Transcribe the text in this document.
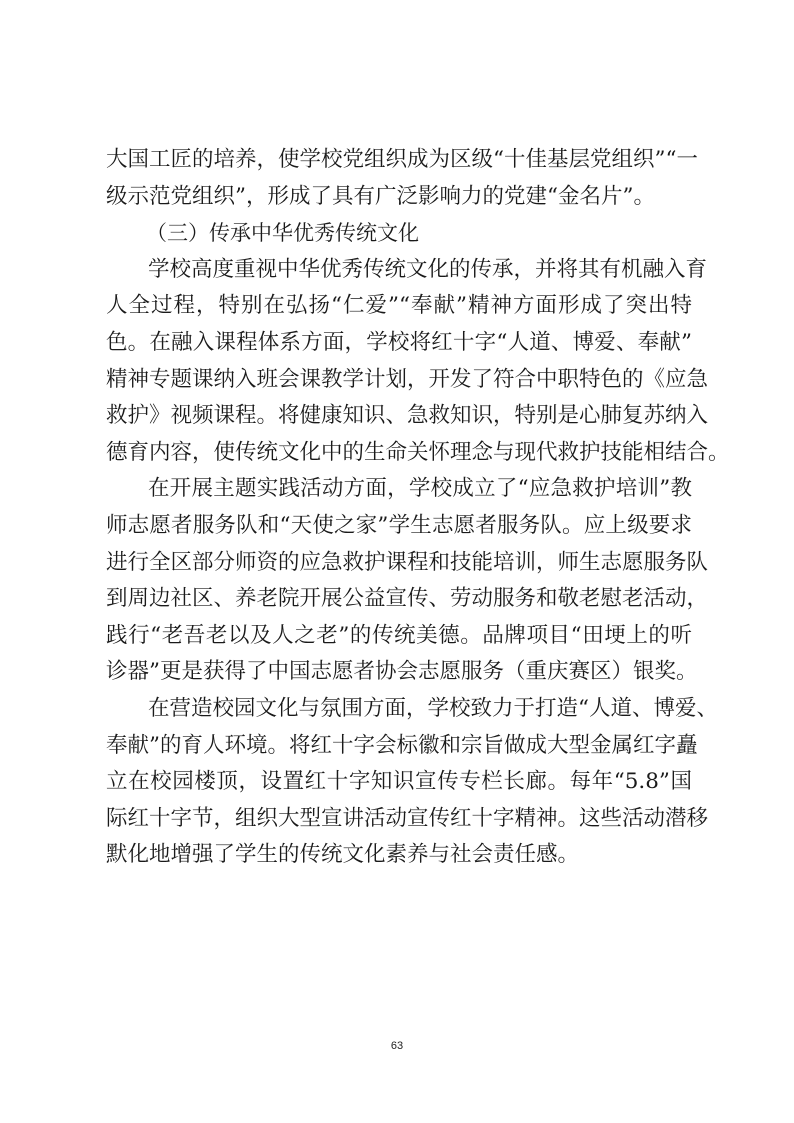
大国工匠的培养，使学校党组织成为区级“十佳基层党组织”“一
级示范党组织”，形成了具有广泛影响力的党建“金名片”。
（三）传承中华优秀传统文化
学校高度重视中华优秀传统文化的传承，并将其有机融入育
人全过程，特别在弘扬“仁爱”“奉献”精神方面形成了突出特
色。在融入课程体系方面，学校将红十字“人道、博爱、奉献”
精神专题课纳入班会课教学计划，开发了符合中职特色的《应急
救护》视频课程。将健康知识、急救知识，特别是心肺复苏纳入
德育内容，使传统文化中的生命关怀理念与现代救护技能相结合。
在开展主题实践活动方面，学校成立了“应急救护培训”教
师志愿者服务队和“天使之家”学生志愿者服务队。应上级要求
进行全区部分师资的应急救护课程和技能培训，师生志愿服务队
到周边社区、养老院开展公益宣传、劳动服务和敬老慰老活动，
践行“老吾老以及人之老”的传统美德。品牌项目“田埂上的听
诊器”更是获得了中国志愿者协会志愿服务（重庆赛区）银奖。
在营造校园文化与氛围方面，学校致力于打造“人道、博爱、
奉献”的育人环境。将红十字会标徽和宗旨做成大型金属红字矗
立在校园楼顶，设置红十字知识宣传专栏长廊。每年“5.8”国
际红十字节，组织大型宣讲活动宣传红十字精神。这些活动潜移
默化地增强了学生的传统文化素养与社会责任感。
63
